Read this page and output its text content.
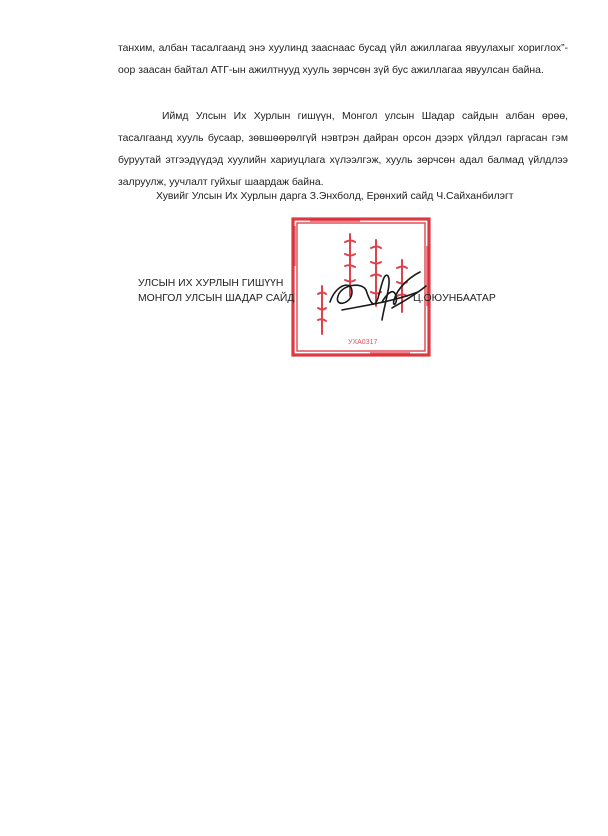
танхим, албан тасалгаанд энэ хуулинд зааснаас бусад үйл ажиллагаа явуулахыг хориглох”-оор заасан байтал АТГ-ын ажилтнууд хууль зөрчсөн зүй бус ажиллагаа явуулсан байна.

Иймд Улсын Их Хурлын гишүүн, Монгол улсын Шадар сайдын албан өрөө, тасалгаанд хууль бусаар, зөвшөөрөлгүй нэвтрэн дайран орсон дээрх үйлдэл гаргасан гэм буруутай этгээдүүдэд хуулийн хариуцлага хүлээлгэж, хууль зөрчсөн адал балмад үйлдлээ залруулж, уучлалт гуйхыг шаардаж байна.

Хувийг Улсын Их Хурлын дарга З.Энхболд, Ерөнхий сайд Ч.Сайханбилэгт

УХА0317
УЛСЫН ИХ ХУРЛЫН ГИШҮҮН
МОНГОЛ УЛСЫН ШАДАР САЙД	Ц.ОЮУНБААТАР
